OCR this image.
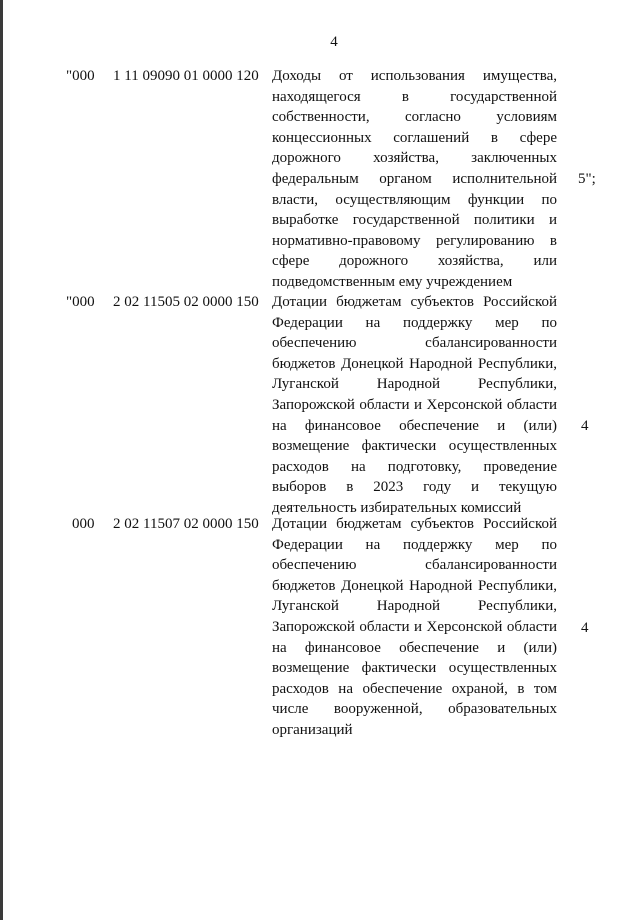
4
"000 1 11 09090 01 0000 120 Доходы от использования имущества, находящегося в государственной собственности, согласно условиям концессионных соглашений в сфере дорожного хозяйства, заключенных федеральным органом исполнительной власти, осуществляющим функции по выработке государственной политики и нормативно-правовому регулированию в сфере дорожного хозяйства, или подведомственным ему учреждением
5";
"000 2 02 11505 02 0000 150 Дотации бюджетам субъектов Российской Федерации на поддержку мер по обеспечению сбалансированности бюджетов Донецкой Народной Республики, Луганской Народной Республики, Запорожской области и Херсонской области на финансовое обеспечение и (или) возмещение фактически осуществленных расходов на подготовку, проведение выборов в 2023 году и текущую деятельность избирательных комиссий
4
000 2 02 11507 02 0000 150 Дотации бюджетам субъектов Российской Федерации на поддержку мер по обеспечению сбалансированности бюджетов Донецкой Народной Республики, Луганской Народной Республики, Запорожской области и Херсонской области на финансовое обеспечение и (или) возмещение фактически осуществленных расходов на обеспечение охраной, в том числе вооруженной, образовательных организаций
4
